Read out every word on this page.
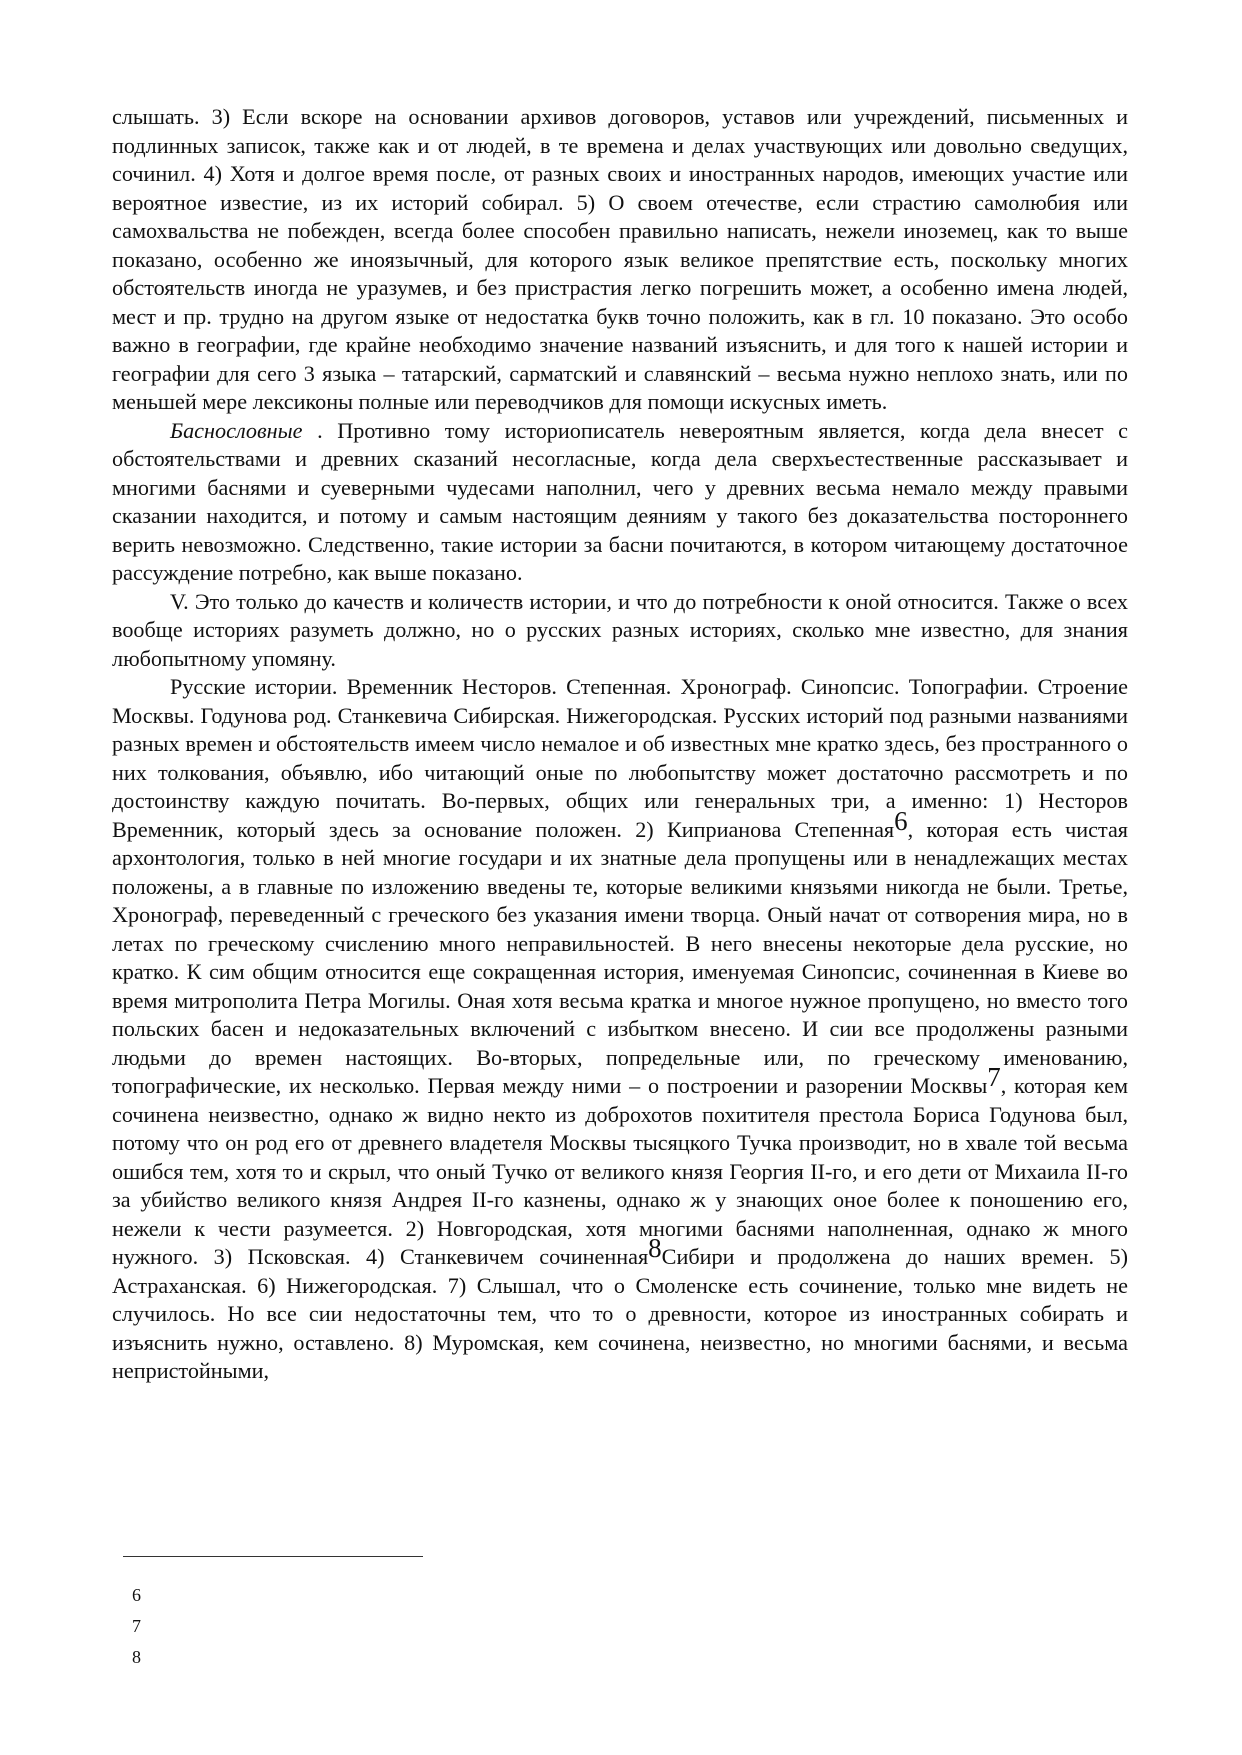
слышать. 3) Если вскоре на основании архивов договоров, уставов или учреждений, письменных и подлинных записок, также как и от людей, в те времена и делах участвующих или довольно сведущих, сочинил. 4) Хотя и долгое время после, от разных своих и иностранных народов, имеющих участие или вероятное известие, из их историй собирал. 5) О своем отечестве, если страстию самолюбия или самохвальства не побежден, всегда более способен правильно написать, нежели иноземец, как то выше показано, особенно же иноязычный, для которого язык великое препятствие есть, поскольку многих обстоятельств иногда не уразумев, и без пристрастия легко погрешить может, а особенно имена людей, мест и пр. трудно на другом языке от недостатка букв точно положить, как в гл. 10 показано. Это особо важно в географии, где крайне необходимо значение названий изъяснить, и для того к нашей истории и географии для сего 3 языка – татарский, сарматский и славянский – весьма нужно неплохо знать, или по меньшей мере лексиконы полные или переводчиков для помощи искусных иметь.

Баснословные . Противно тому историописатель невероятным является, когда дела внесет с обстоятельствами и древних сказаний несогласные, когда дела сверхъестественные рассказывает и многими баснями и суеверными чудесами наполнил, чего у древних весьма немало между правыми сказании находится, и потому и самым настоящим деяниям у такого без доказательства постороннего верить невозможно. Следственно, такие истории за басни почитаются, в котором читающему достаточное рассуждение потребно, как выше показано.

V. Это только до качеств и количеств истории, и что до потребности к оной относится. Также о всех вообще историях разуметь должно, но о русских разных историях, сколько мне известно, для знания любопытному упомяну.

Русские истории. Временник Несторов. Степенная. Хронограф. Синопсис. Топографии. Строение Москвы. Годунова род. Станкевича Сибирская. Нижегородская. Русских историй под разными названиями разных времен и обстоятельств имеем число немалое и об известных мне кратко здесь, без пространного о них толкования, объявлю, ибо читающий оные по любопытству может достаточно рассмотреть и по достоинству каждую почитать. Во-первых, общих или генеральных три, а именно: 1) Несторов Временник, который здесь за основание положен. 2) Киприанова Степенная$^6$, которая есть чистая архонтология, только в ней многие государи и их знатные дела пропущены или в ненадлежащих местах положены, а в главные по изложению введены те, которые великими князьями никогда не были. Третье, Хронограф, переведенный с греческого без указания имени творца. Оный начат от сотворения мира, но в летах по греческому счислению много неправильностей. В него внесены некоторые дела русские, но кратко. К сим общим относится еще сокращенная история, именуемая Синопсис, сочиненная в Киеве во время митрополита Петра Могилы. Оная хотя весьма кратка и многое нужное пропущено, но вместо того польских басен и недоказательных включений с избытком внесено. И сии все продолжены разными людьми до времен настоящих. Во-вторых, попредельные или, по греческому именованию, топографические, их несколько. Первая между ними – о построении и разорении Москвы$^7$, которая кем сочинена неизвестно, однако ж видно некто из доброхотов похитителя престола Бориса Годунова был, потому что он род его от древнего владетеля Москвы тысяцкого Тучка производит, но в хвале той весьма ошибся тем, хотя то и скрыл, что оный Тучко от великого князя Георгия II-го, и его дети от Михаила II-го за убийство великого князя Андрея II-го казнены, однако ж у знающих оное более к поношению его, нежели к чести разумеется. 2) Новгородская, хотя многими баснями наполненная, однако ж много нужного. 3) Псковская. 4) Станкевичем сочиненная$^8$Сибири и продолжена до наших времен. 5) Астраханская. 6) Нижегородская. 7) Слышал, что о Смоленске есть сочинение, только мне видеть не случилось. Но все сии недостаточны тем, что то о древности, которое из иностранных собирать и изъяснить нужно, оставлено. 8) Муромская, кем сочинена, неизвестно, но многими баснями, и весьма непристойными,

6
7
8
